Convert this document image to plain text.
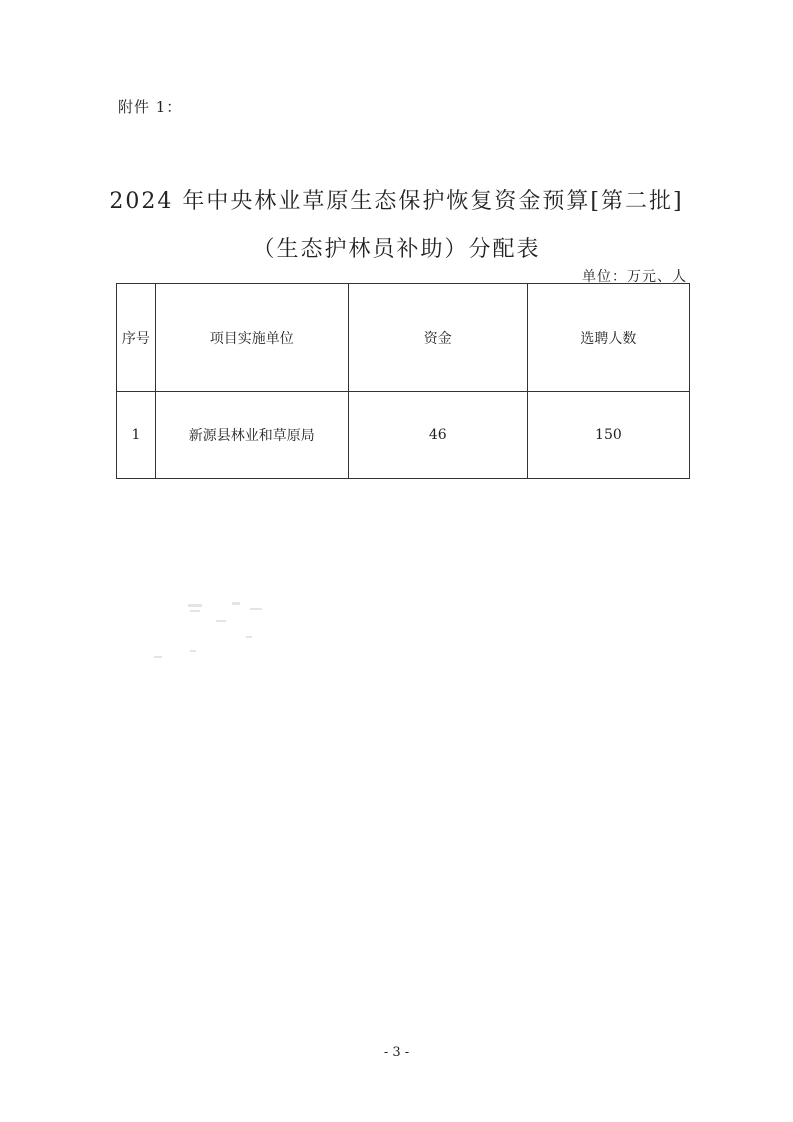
附件 1：
2024 年中央林业草原生态保护恢复资金预算[第二批]
（生态护林员补助）分配表
单位：万元、人
序号	项目实施单位	资金	选聘人数
1	新源县林业和草原局	46	150
- 3 -
